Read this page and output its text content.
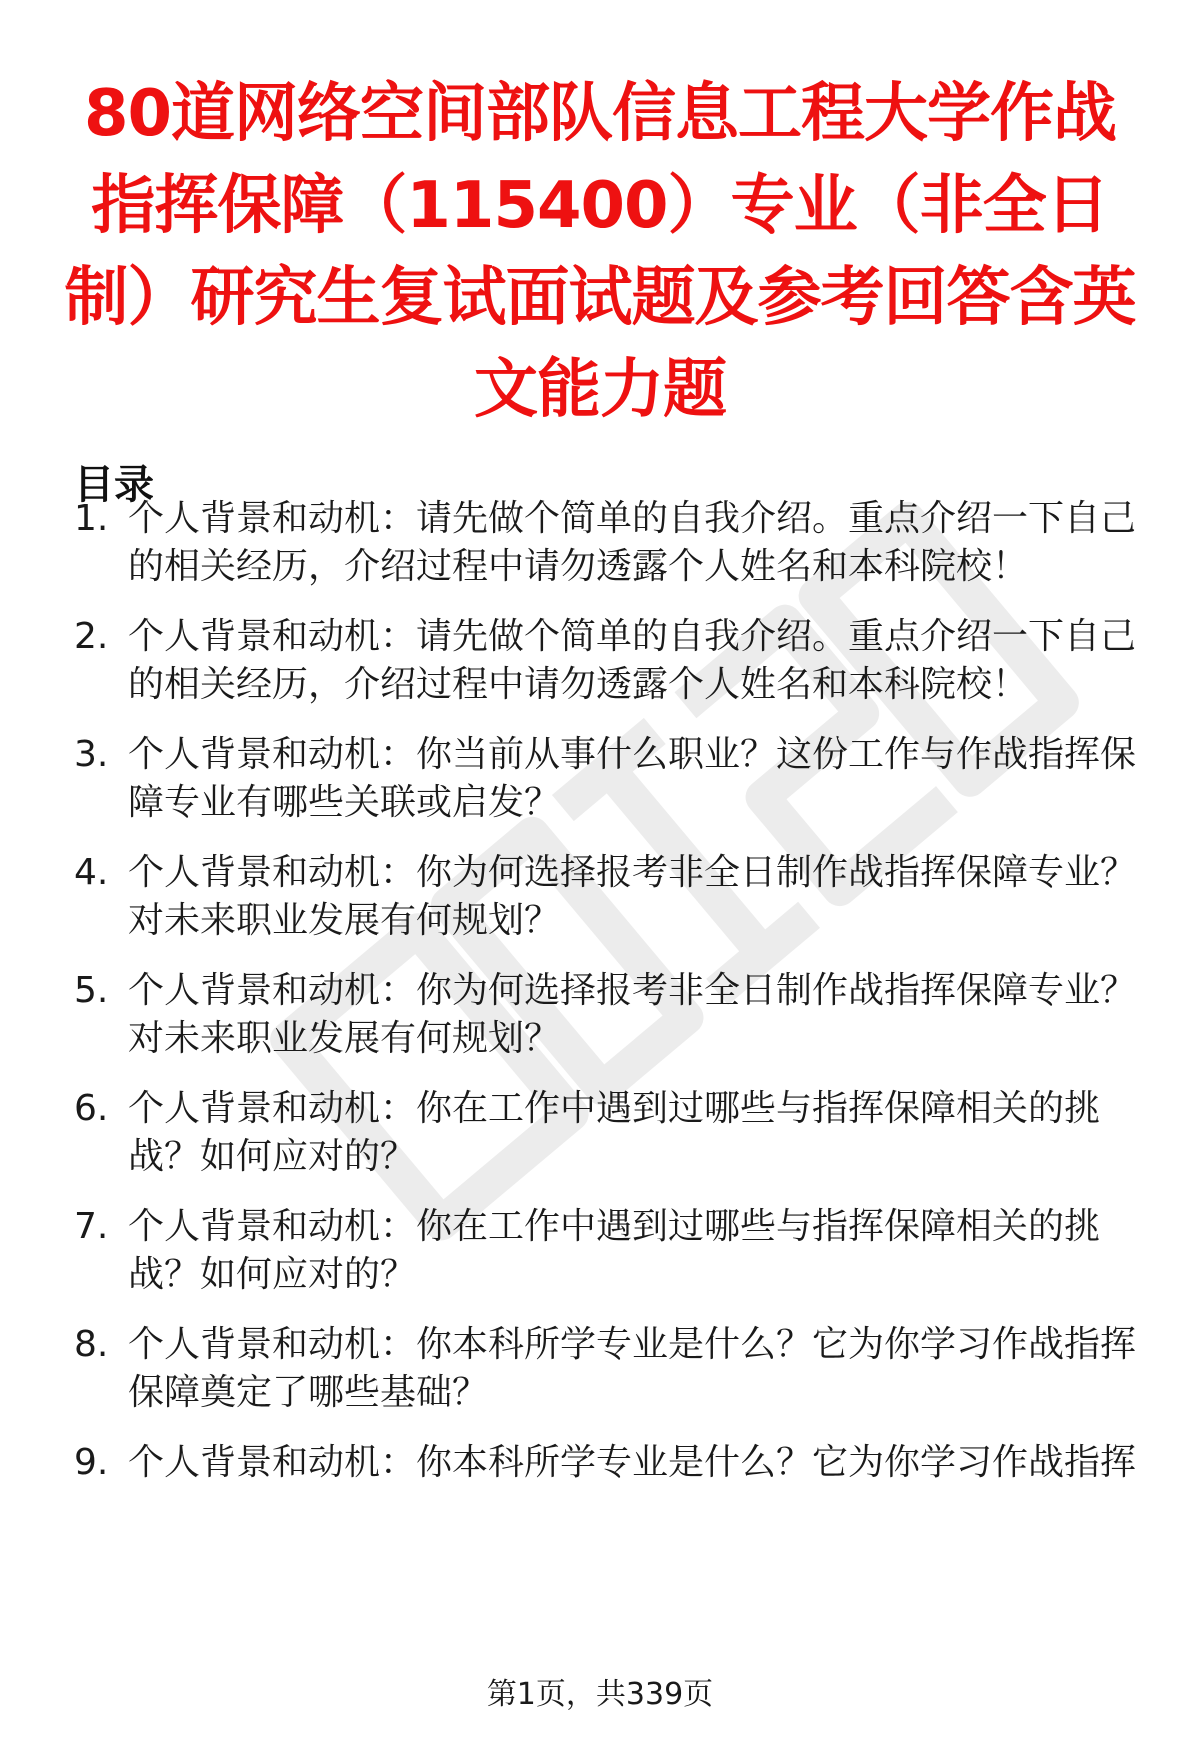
80道网络空间部队信息工程大学作战指挥保障（115400）专业（非全日制）研究生复试面试题及参考回答含英文能力题
目录
1. 个人背景和动机：请先做个简单的自我介绍。重点介绍一下自己的相关经历，介绍过程中请勿透露个人姓名和本科院校！
2. 个人背景和动机：请先做个简单的自我介绍。重点介绍一下自己的相关经历，介绍过程中请勿透露个人姓名和本科院校！
3. 个人背景和动机：你当前从事什么职业？这份工作与作战指挥保障专业有哪些关联或启发？
4. 个人背景和动机：你为何选择报考非全日制作战指挥保障专业？对未来职业发展有何规划？
5. 个人背景和动机：你为何选择报考非全日制作战指挥保障专业？对未来职业发展有何规划？
6. 个人背景和动机：你在工作中遇到过哪些与指挥保障相关的挑战？如何应对的？
7. 个人背景和动机：你在工作中遇到过哪些与指挥保障相关的挑战？如何应对的？
8. 个人背景和动机：你本科所学专业是什么？它为你学习作战指挥保障奠定了哪些基础？
9. 个人背景和动机：你本科所学专业是什么？它为你学习作战指挥
第1页，共339页
